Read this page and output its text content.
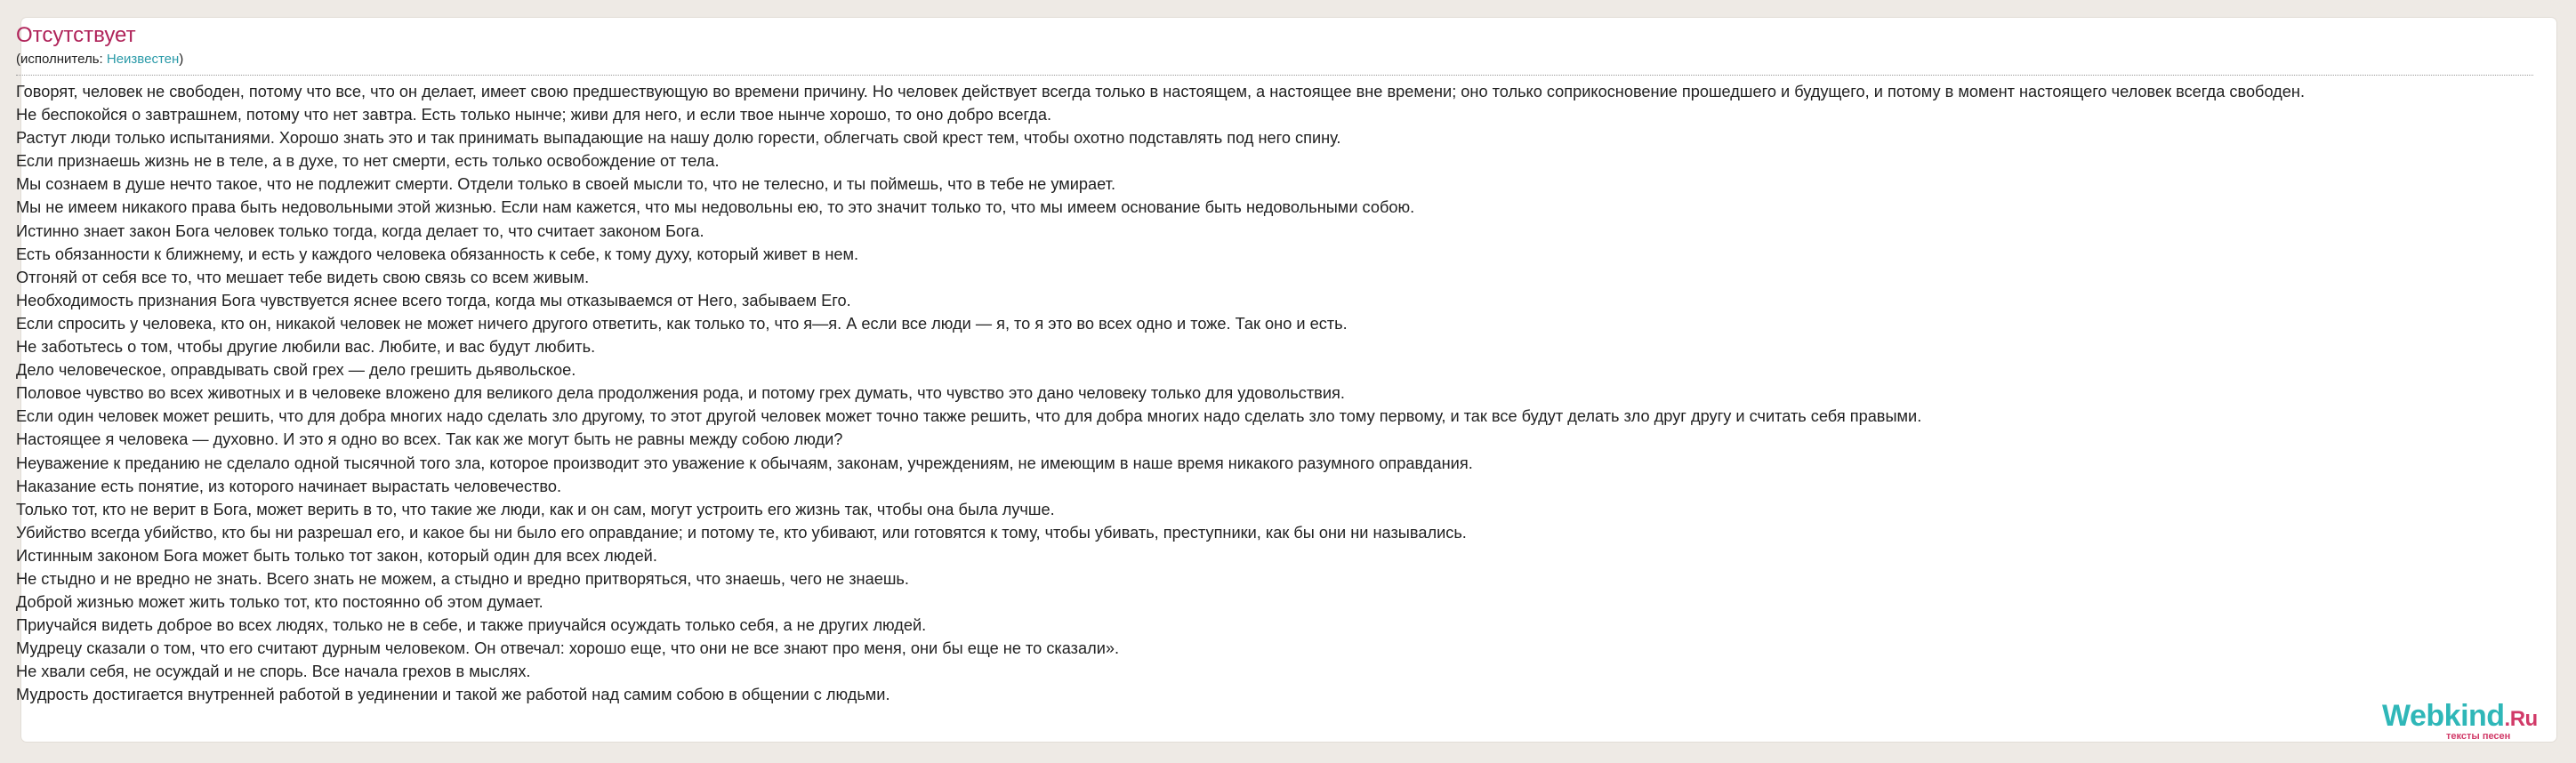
Отсутствует
(исполнитель: Неизвестен)
Говорят, человек не свободен, потому что все, что он делает, имеет свою предшествующую во времени причину. Но человек действует всегда только в настоящем, а настоящее вне времени; оно только соприкосновение прошедшего и будущего, и потому в момент настоящего человек всегда свободен.
Не беспокойся о завтрашнем, потому что нет завтра. Есть только нынче; живи для него, и если твое нынче хорошо, то оно добро всегда.
Растут люди только испытаниями. Хорошо знать это и так принимать выпадающие на нашу долю горести, облегчать свой крест тем, чтобы охотно подставлять под него спину.
Если признаешь жизнь не в теле, а в духе, то нет смерти, есть только освобождение от тела.
Мы сознаем в душе нечто такое, что не подлежит смерти. Отдели только в своей мысли то, что не телесно, и ты поймешь, что в тебе не умирает.
Мы не имеем никакого права быть недовольными этой жизнью. Если нам кажется, что мы недовольны ею, то это значит только то, что мы имеем основание быть недовольными собою.
Истинно знает закон Бога человек только тогда, когда делает то, что считает законом Бога.
Есть обязанности к ближнему, и есть у каждого человека обязанность к себе, к тому духу, который живет в нем.
Отгоняй от себя все то, что мешает тебе видеть свою связь со всем живым.
Необходимость признания Бога чувствуется яснее всего тогда, когда мы отказываемся от Него, забываем Его.
Если спросить у человека, кто он, никакой человек не может ничего другого ответить, как только то, что я—я. А если все люди — я, то я это во всех одно и тоже. Так оно и есть.
Не заботьтесь о том, чтобы другие любили вас. Любите, и вас будут любить.
Дело человеческое, оправдывать свой грех — дело грешить дьявольское.
Половое чувство во всех животных и в человеке вложено для великого дела продолжения рода, и потому грех думать, что чувство это дано человеку только для удовольствия.
Если один человек может решить, что для добра многих надо сделать зло другому, то этот другой человек может точно также решить, что для добра многих надо сделать зло тому первому, и так все будут делать зло друг другу и считать себя правыми.
Настоящее я человека — духовно. И это я одно во всех. Так как же могут быть не равны между собою люди?
Неуважение к преданию не сделало одной тысячной того зла, которое производит это уважение к обычаям, законам, учреждениям, не имеющим в наше время никакого разумного оправдания.
Наказание есть понятие, из которого начинает вырастать человечество.
Только тот, кто не верит в Бога, может верить в то, что такие же люди, как и он сам, могут устроить его жизнь так, чтобы она была лучше.
Убийство всегда убийство, кто бы ни разрешал его, и какое бы ни было его оправдание; и потому те, кто убивают, или готовятся к тому, чтобы убивать, преступники, как бы они ни назывались.
Истинным законом Бога может быть только тот закон, который один для всех людей.
Не стыдно и не вредно не знать. Всего знать не можем, а стыдно и вредно притворяться, что знаешь, чего не знаешь.
Доброй жизнью может жить только тот, кто постоянно об этом думает.
Приучайся видеть доброе во всех людях, только не в себе, и также приучайся осуждать только себя, а не других людей.
Мудрецу сказали о том, что его считают дурным человеком. Он отвечал: хорошо еще, что они не все знают про меня, они бы еще не то сказали».
Не хвали себя, не осуждай и не спорь. Все начала грехов в мыслях.
Мудрость достигается внутренней работой в уединении и такой же работой над самим собою в общении с людьми.
Webkind.Ru
тексты песен
